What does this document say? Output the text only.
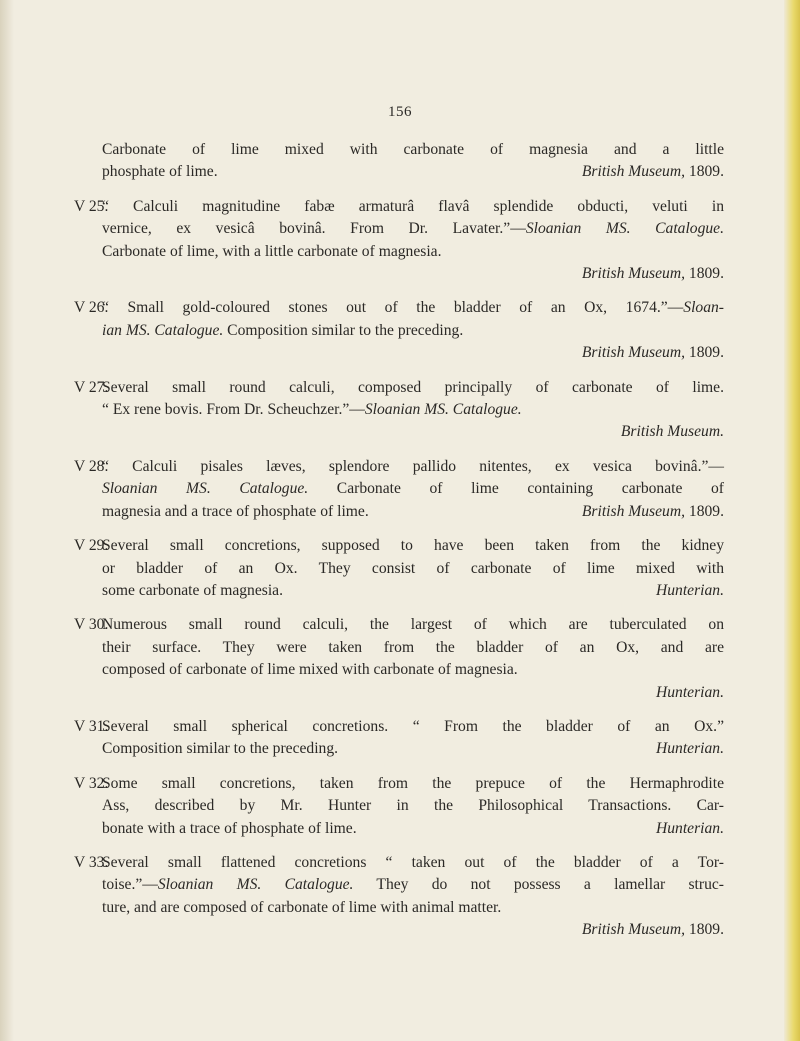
156
Carbonate of lime mixed with carbonate of magnesia and a little
phosphate of lime.	British Museum, 1809.
V 25.
“ Calculi magnitudine fabæ armaturâ flavâ splendide obducti, veluti in
vernice, ex vesicâ bovinâ. From Dr. Lavater.”—Sloanian MS. Catalogue.
Carbonate of lime, with a little carbonate of magnesia.
British Museum, 1809.
V 26.
“ Small gold-coloured stones out of the bladder of an Ox, 1674.”—Sloan-
ian MS. Catalogue. Composition similar to the preceding.
British Museum, 1809.
V 27.
Several small round calculi, composed principally of carbonate of lime.
“ Ex rene bovis. From Dr. Scheuchzer.”—Sloanian MS. Catalogue.
British Museum.
V 28.
“ Calculi pisales læves, splendore pallido nitentes, ex vesica bovinâ.”—
Sloanian MS. Catalogue. Carbonate of lime containing carbonate of
magnesia and a trace of phosphate of lime.	British Museum, 1809.
V 29.
Several small concretions, supposed to have been taken from the kidney
or bladder of an Ox. They consist of carbonate of lime mixed with
some carbonate of magnesia.	Hunterian.
V 30.
Numerous small round calculi, the largest of which are tuberculated on
their surface. They were taken from the bladder of an Ox, and are
composed of carbonate of lime mixed with carbonate of magnesia.
Hunterian.
V 31.
Several small spherical concretions. “ From the bladder of an Ox.”
Composition similar to the preceding.	Hunterian.
V 32.
Some small concretions, taken from the prepuce of the Hermaphrodite
Ass, described by Mr. Hunter in the Philosophical Transactions. Car-
bonate with a trace of phosphate of lime.	Hunterian.
V 33.
Several small flattened concretions “ taken out of the bladder of a Tor-
toise.”—Sloanian MS. Catalogue. They do not possess a lamellar struc-
ture, and are composed of carbonate of lime with animal matter.
British Museum, 1809.
